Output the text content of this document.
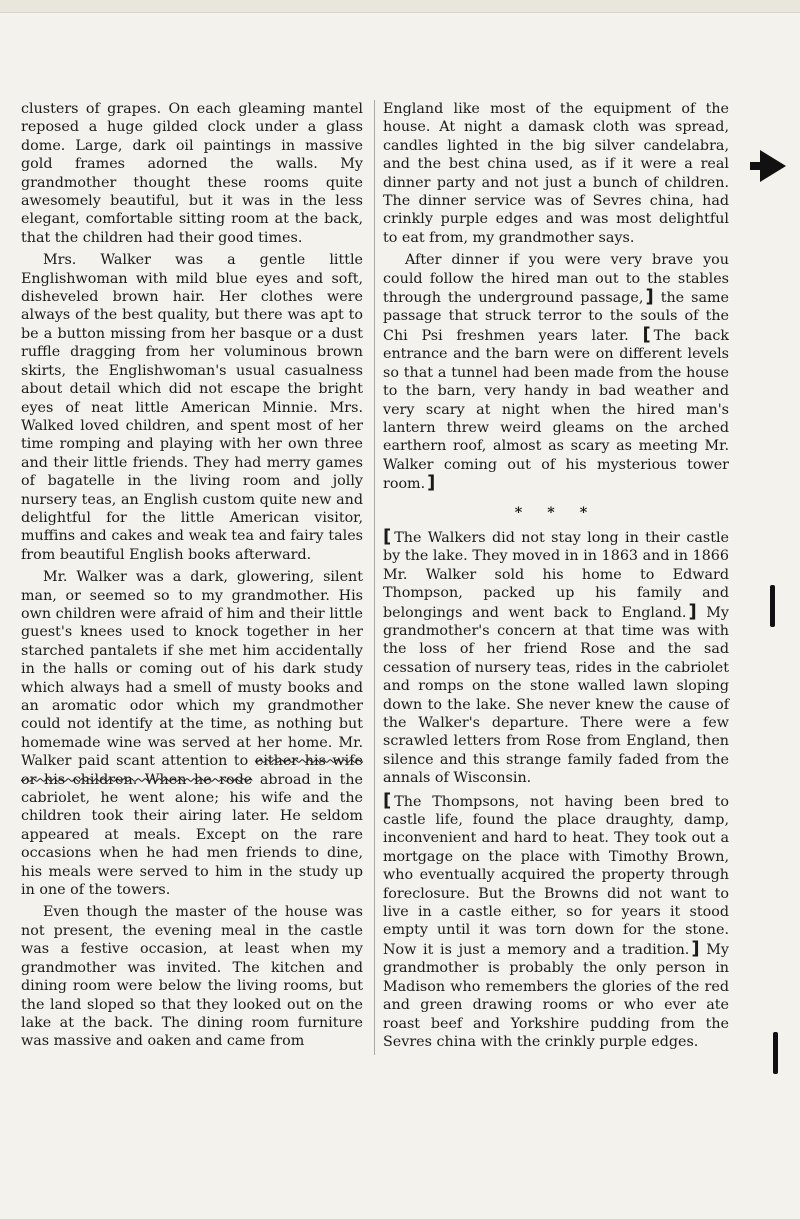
clusters of grapes. On each gleaming mantel reposed a huge gilded clock under a glass dome. Large, dark oil paintings in massive gold frames adorned the walls. My grandmother thought these rooms quite awesomely beautiful, but it was in the less elegant, comfortable sitting room at the back, that the children had their good times.

Mrs. Walker was a gentle little Englishwoman with mild blue eyes and soft, disheveled brown hair. Her clothes were always of the best quality, but there was apt to be a button missing from her basque or a dust ruffle dragging from her voluminous brown skirts, the Englishwoman's usual casualness about detail which did not escape the bright eyes of neat little American Minnie. Mrs. Walked loved children, and spent most of her time romping and playing with her own three and their little friends. They had merry games of bagatelle in the living room and jolly nursery teas, an English custom quite new and delightful for the little American visitor, muffins and cakes and weak tea and fairy tales from beautiful English books afterward.

Mr. Walker was a dark, glowering, silent man, or seemed so to my grandmother. His own children were afraid of him and their little guest's knees used to knock together in her starched pantalets if she met him accidentally in the halls or coming out of his dark study which always had a smell of musty books and an aromatic odor which my grandmother could not identify at the time, as nothing but homemade wine was served at her home. Mr. Walker paid scant attention to either his wife or his children. When he rode abroad in the cabriolet, he went alone; his wife and the children took their airing later. He seldom appeared at meals. Except on the rare occasions when he had men friends to dine, his meals were served to him in the study up in one of the towers.

Even though the master of the house was not present, the evening meal in the castle was a festive occasion, at least when my grandmother was invited. The kitchen and dining room were below the living rooms, but the land sloped so that they looked out on the lake at the back. The dining room furniture was massive and oaken and came from

England like most of the equipment of the house. At night a damask cloth was spread, candles lighted in the big silver candelabra, and the best china used, as if it were a real dinner party and not just a bunch of children. The dinner service was of Sevres china, had crinkly purple edges and was most delightful to eat from, my grandmother says.

After dinner if you were very brave you could follow the hired man out to the stables through the underground passage, ] the same passage that struck terror to the souls of the Chi Psi freshmen years later. [ The back entrance and the barn were on different levels so that a tunnel had been made from the house to the barn, very handy in bad weather and very scary at night when the hired man's lantern threw weird gleams on the arched earthern roof, almost as scary as meeting Mr. Walker coming out of his mysterious tower room. ]

* * *

[ The Walkers did not stay long in their castle by the lake. They moved in in 1863 and in 1866 Mr. Walker sold his home to Edward Thompson, packed up his family and belongings and went back to England. ] My grandmother's concern at that time was with the loss of her friend Rose and the sad cessation of nursery teas, rides in the cabriolet and romps on the stone walled lawn sloping down to the lake. She never knew the cause of the Walker's departure. There were a few scrawled letters from Rose from England, then silence and this strange family faded from the annals of Wisconsin.

[ The Thompsons, not having been bred to castle life, found the place draughty, damp, inconvenient and hard to heat. They took out a mortgage on the place with Timothy Brown, who eventually acquired the property through foreclosure. But the Browns did not want to live in a castle either, so for years it stood empty until it was torn down for the stone. Now it is just a memory and a tradition. ] My grandmother is probably the only person in Madison who remembers the glories of the red and green drawing rooms or who ever ate roast beef and Yorkshire pudding from the Sevres china with the crinkly purple edges.
